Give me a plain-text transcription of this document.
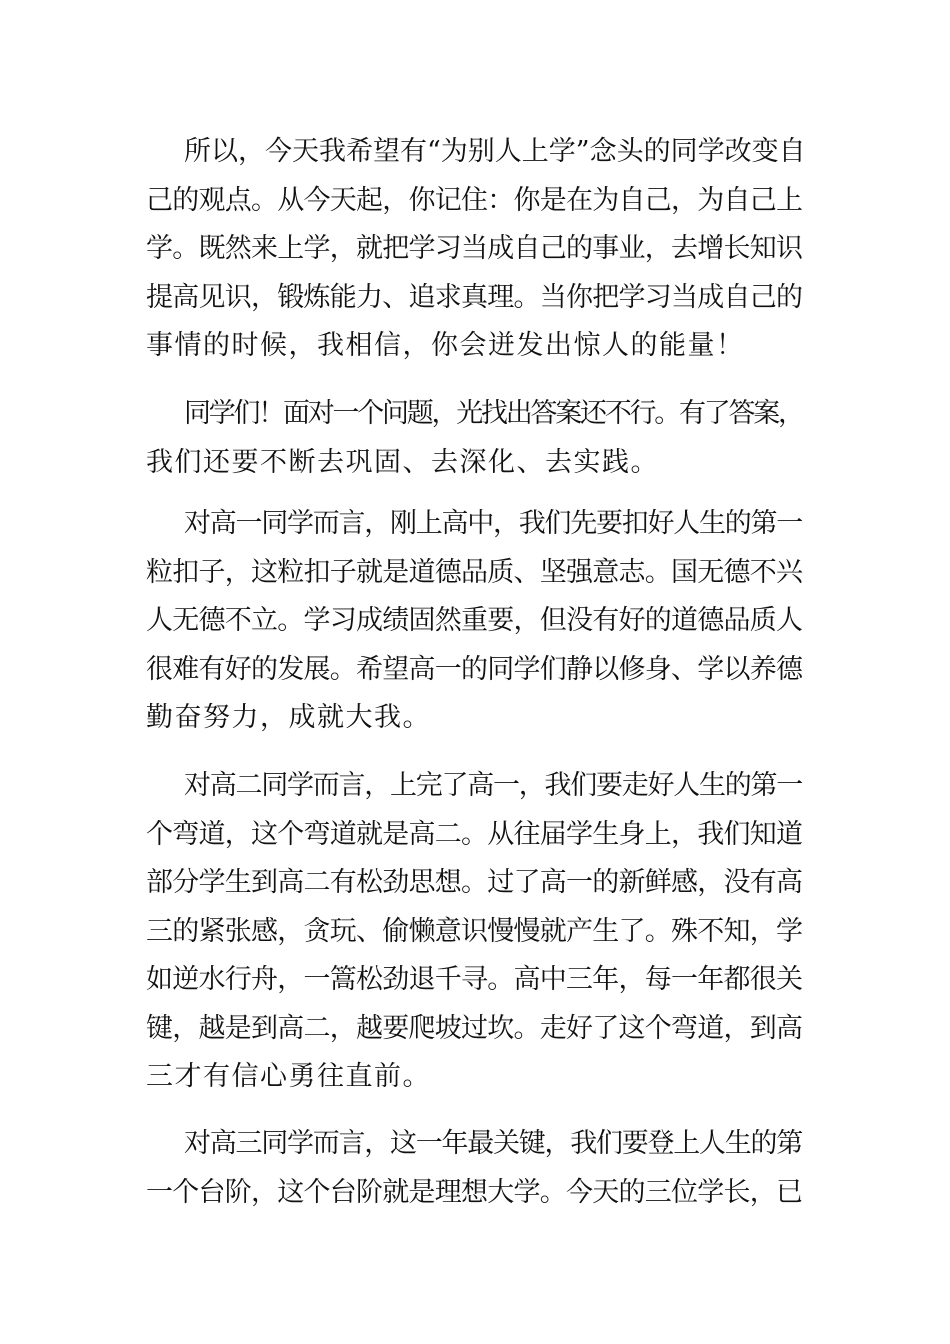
所以，今天我希望有“为别人上学”念头的同学改变自
己的观点。从今天起，你记住：你是在为自己，为自己上
学。既然来上学，就把学习当成自己的事业，去增长知识
提高见识，锻炼能力、追求真理。当你把学习当成自己的
事情的时候，我相信，你会迸发出惊人的能量！
同学们！面对一个问题，光找出答案还不行。有了答案，
我们还要不断去巩固、去深化、去实践。
对高一同学而言，刚上高中，我们先要扣好人生的第一
粒扣子，这粒扣子就是道德品质、坚强意志。国无德不兴
人无德不立。学习成绩固然重要，但没有好的道德品质人
很难有好的发展。希望高一的同学们静以修身、学以养德
勤奋努力，成就大我。
对高二同学而言，上完了高一，我们要走好人生的第一
个弯道，这个弯道就是高二。从往届学生身上，我们知道
部分学生到高二有松劲思想。过了高一的新鲜感，没有高
三的紧张感，贪玩、偷懒意识慢慢就产生了。殊不知，学
如逆水行舟，一篙松劲退千寻。高中三年，每一年都很关
键，越是到高二，越要爬坡过坎。走好了这个弯道，到高
三才有信心勇往直前。
对高三同学而言，这一年最关键，我们要登上人生的第
一个台阶，这个台阶就是理想大学。今天的三位学长，已
